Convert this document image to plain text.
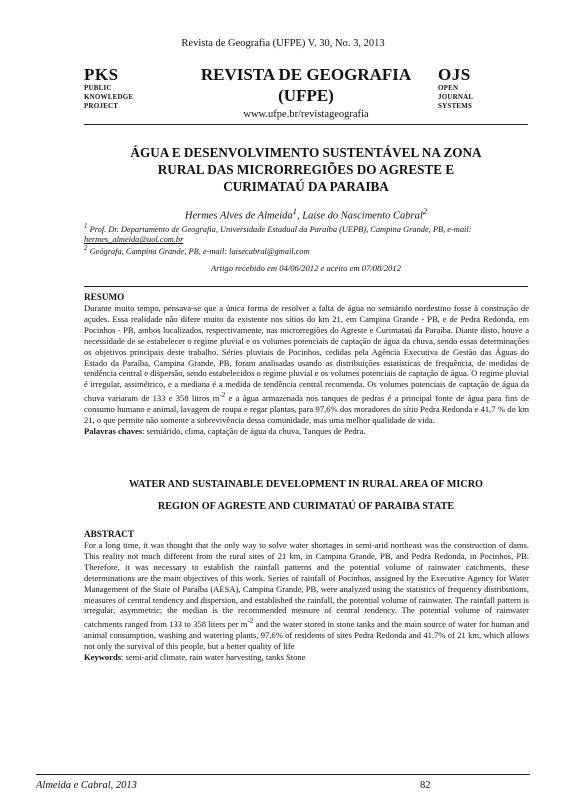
Revista de Geografia (UFPE) V. 30, No. 3, 2013
PKS
PUBLIC
KNOWLEDGE
PROJECT
REVISTA DE GEOGRAFIA
(UFPE)
www.ufpe.br/revistageografia
OJS
OPEN
JOURNAL
SYSTEMS
ÁGUA E DESENVOLVIMENTO SUSTENTÁVEL NA ZONA
RURAL DAS MICRORREGIÕES DO AGRESTE E
CURIMATAÚ DA PARAIBA
Hermes Alves de Almeida$^1$, Laíse do Nascimento Cabral$^2$
$^1$ Prof. Dr. Departamento de Geografia, Universidade Estadual da Paraíba (UEPB), Campina Grande, PB, e-mail: hermes_almeida@uol.com.br
$^2$ Geógrafa, Campina Grande, PB, e-mail: laisecabral@gmail.com
Artigo recebido em 04/06/2012 e aceito em 07/08/2012
RESUMO
Durante muito tempo, pensava-se que a única forma de resolver a falta de água no semiárido nordestino fosse à construção de açudes. Essa realidade não difere muito da existente nos sítios do km 21, em Campina Grande - PB, e de Pedra Redonda, em Pocinhos - PB, ambos localizados, respectivamente, nas microrregiões do Agreste e Curimataú da Paraíba. Diante disto, houve a necessidade de se estabelecer o regime pluvial e os volumes potenciais de captação de água da chuva, sendo essas determinações os objetivos principais deste trabalho. Séries pluviais de Pocinhos, cedidas pela Agência Executiva de Gestão das Águas do Estado da Paraíba, Campina Grande, PB, foram analisadas usando as distribuições estatísticas de frequência, de medidas de tendência central e dispersão, sendo estabelecidos o regime pluvial e os volumes potenciais de captação de água. O regime pluvial é irregular, assimétrico, e a mediana é a medida de tendência central recomenda. Os volumes potenciais de captação de água da chuva variaram de 133 e 358 litros $m^{-2}$ e a água armazenada nos tanques de pedras é a principal fonte de água para fins de consumo humano e animal, lavagem de roupa e regar plantas, para 97,6% dos moradores do sítio Pedra Redonda e 41,7 % do km 21, o que permite não somente a sobrevivência dessa comunidade, mas uma melhor qualidade de vida.
Palavras chaves: semiárido, clima, captação de água da chuva, Tanques de Pedra.
WATER AND SUSTAINABLE DEVELOPMENT IN RURAL AREA OF MICRO
REGION OF AGRESTE AND CURIMATAÚ OF PARAIBA STATE
ABSTRACT
For a long time, it was thought that the only way to solve water shortages in semi-arid northeast was the construction of dams. This reality not much different from the rural sites of 21 km, in Campina Grande, PB, and Pedra Redonda, in Pocinhos, PB. Therefore, it was necessary to establish the rainfall patterns and the potential volume of rainwater catchments, these determinations are the main objectives of this work. Series of rainfall of Pocinhos, assigned by the Executive Agency for Water Management of the State of Paraíba (AESA), Campina Grande, PB, were analyzed using the statistics of frequency distributions, measures of central tendency and dispersion, and established the rainfall, the potential volume of rainwater. The rainfall pattern is irregular, asymmetric; the median is the recommended measure of central tendency. The potential volume of rainwater catchments ranged from 133 to 358 liters per $m^{-2}$ and the water stored in stone tanks and the main source of water for human and animal consumption, washing and watering plants, 97.6% of residents of sites Pedra Redonda and 41.7% of 21 km, which allows not only the survival of this people, but a better quality of life
Keywords: semi-arid climate, rain water harvesting, tanks Stone
Almeida e Cabral, 2013	82
